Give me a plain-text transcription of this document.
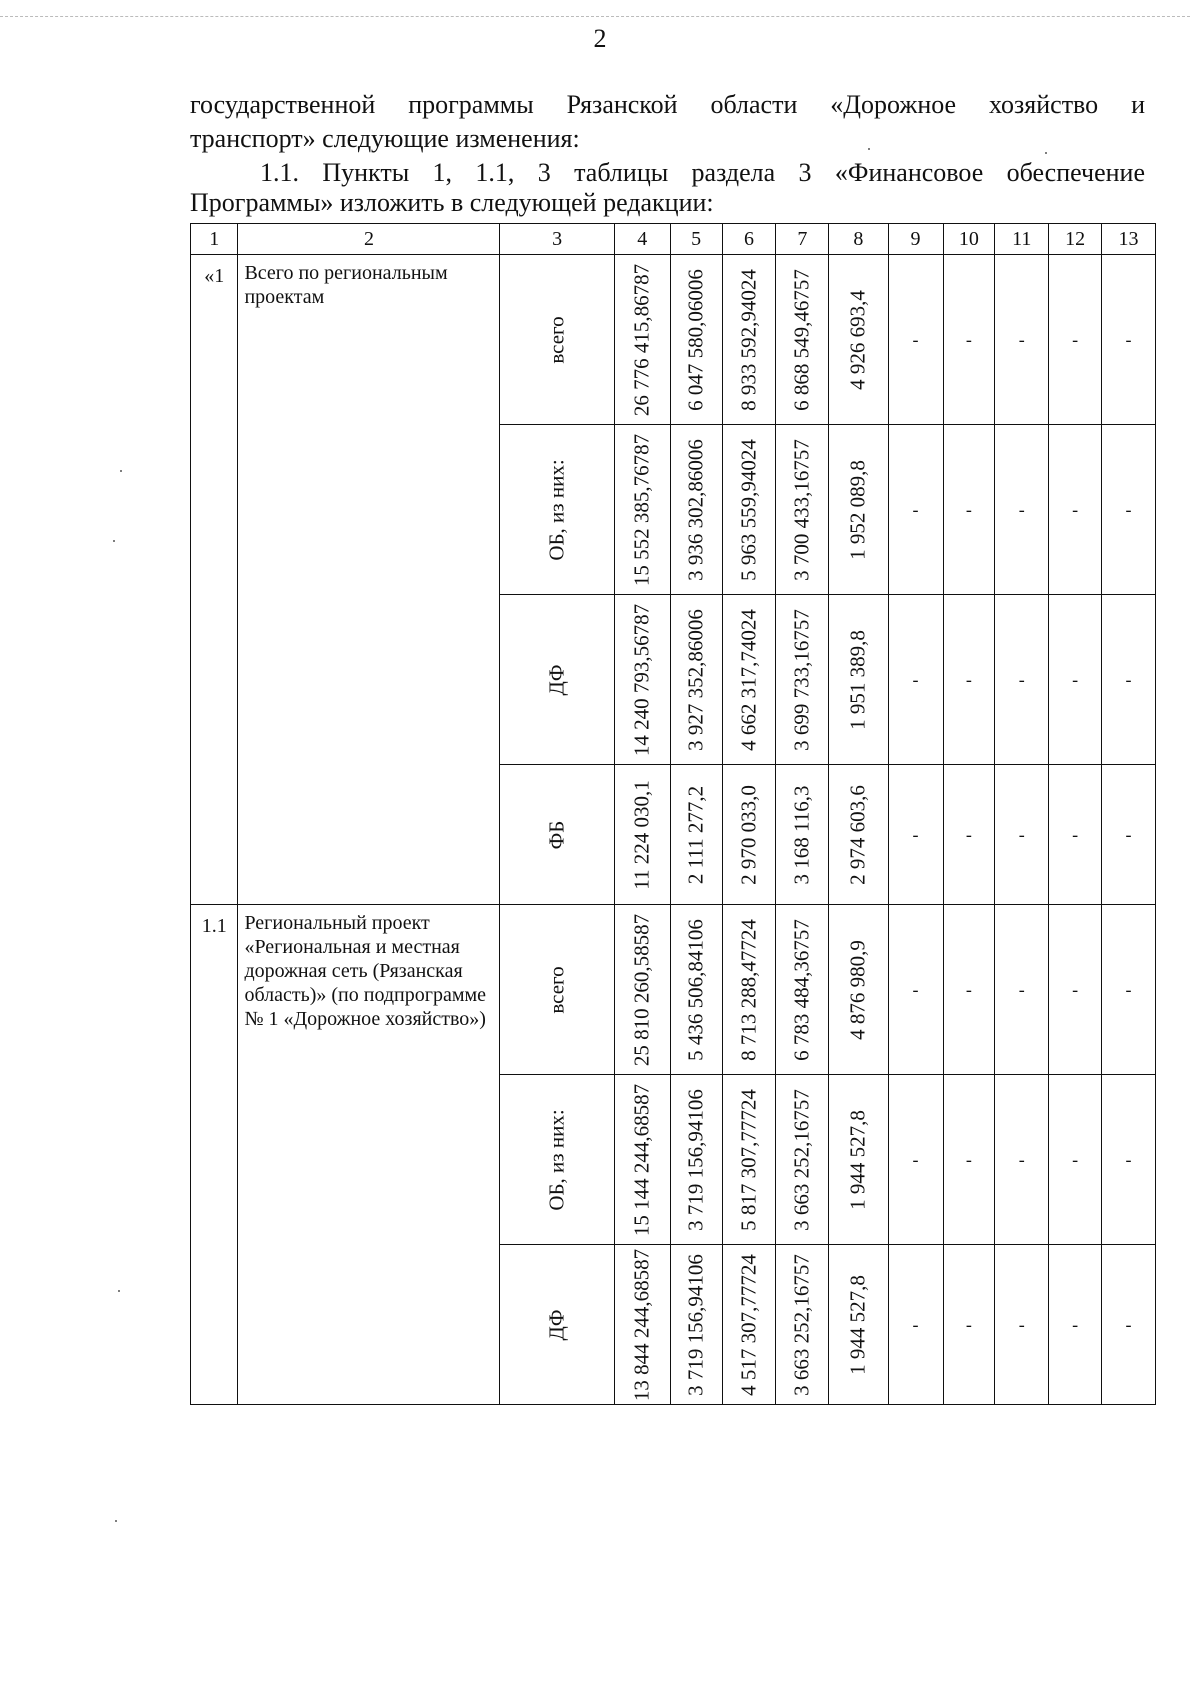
2
государственной программы Рязанской области «Дорожное хозяйство и
транспорт» следующие изменения:
1.1. Пункты 1, 1.1, 3 таблицы раздела 3 «Финансовое обеспечение
Программы» изложить в следующей редакции:
1	2	3	4	5	6	7	8	9	10	11	12	13
«1	Всего по региональным проектам	всего	26 776 415,86787	6 047 580,06006	8 933 592,94024	6 868 549,46757	4 926 693,4	-	-	-	-	-

		ОБ, из них:	15 552 385,76787	3 936 302,86006	5 963 559,94024	3 700 433,16757	1 952 089,8	-	-	-	-	-

		ДФ	14 240 793,56787	3 927 352,86006	4 662 317,74024	3 699 733,16757	1 951 389,8	-	-	-	-	-

		ФБ	11 224 030,1	2 111 277,2	2 970 033,0	3 168 116,3	2 974 603,6	-	-	-	-	-

1.1	Региональный проект «Региональная и местная дорожная сеть (Рязанская область)» (по подпрограмме № 1 «Дорожное хозяйство»)	всего	25 810 260,58587	5 436 506,84106	8 713 288,47724	6 783 484,36757	4 876 980,9	-	-	-	-	-

		ОБ, из них:	15 144 244,68587	3 719 156,94106	5 817 307,77724	3 663 252,16757	1 944 527,8	-	-	-	-	-

		ДФ	13 844 244,68587	3 719 156,94106	4 517 307,77724	3 663 252,16757	1 944 527,8	-	-	-	-	-
